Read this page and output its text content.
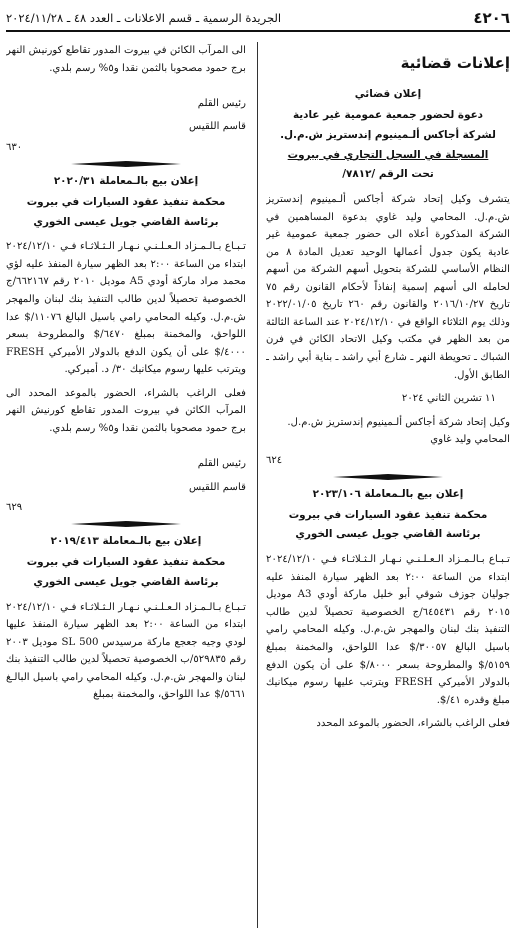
٤٢٠٦
الجريدة الرسمية ـ قسم الاعلانات ـ العدد ٤٨ ـ ٢٠٢٤/١١/٢٨
إعلانات قضائية
إعلان قضائي
دعوة لحضور جمعية عمومية غير عادية
لشركة أجاكس ألـمينيوم إندستريز ش.م.ل.
المسجلة في السجل التجاري في بيروت
تحت الرقم /٧٨١٢/

يتشرف وكيل إتحاد شركة أجاكس ألـمينيوم إندستريز ش.م.ل. المحامي وليد غاوي بدعوة المساهمين في الشركة المذكورة أعلاه الى حضور جمعية عمومية غير عادية يكون جدول أعمالها الوحيد تعديل المادة ٨ من النظام الأساسي للشركة بتحويل أسهم الشركة من أسهم لحامله الى أسهم إسمية إنفاذاً لأحكام القانون رقم ٧٥ تاريخ ٢٠١٦/١٠/٢٧ والقانون رقم ٢٦٠ تاريخ ٢٠٢٢/٠١/٠٥ وذلك يوم الثلاثاء الواقع في ٢٠٢٤/١٢/١٠ عند الساعة الثالثة من بعد الظهر في مكتب وكيل الاتحاد الكائن في فرن الشباك ـ تحويطة النهر ـ شارع أبي راشد ـ بناية أبي راشد ـ الطابق الأول.

١١ تشرين الثاني ٢٠٢٤

وكيل إتحاد شركة أجاكس ألـمينيوم إندستريز ش.م.ل.

المحامي وليد غاوي

٦٢٤
إعلان بيع بالـمعاملة ٢٠٢٣/١٠٦
محكمة تنفيذ عقود السيارات في بيروت
برئاسة القاضي جويل عيسى الخوري

تـبـاع بـالـمـزاد الـعـلـنـي نـهـار الـثـلاثـاء فـي ٢٠٢٤/١٢/١٠ ابتداء من الساعة ٢:٠٠ بعد الظهر سيارة المنفذ عليه جوليان جوزف شوقي أبو خليل ماركة أودي A3 موديل ٢٠١٥ رقم ٦٤٥٤٣١/ج الخصوصية تحصيلاً لدين طالب التنفيذ بنك لبنان والمهجر ش.م.ل. وكيله المحامي رامي باسيل البالغ ٣٠٠٥٧/$ عدا اللواحق، والمخمنة بمبلغ ٥١٥٩/$ والمطروحة بسعر ٨٠٠٠/$ على أن يكون الدفع بالدولار الأميركي FRESH ويترتب عليها رسوم ميكانيك مبلغ وقدره ٤١/$.

فعلى الراغب بالشراء، الحضور بالموعد المحدد

الى المرآب الكائن في بيروت المدور تقاطع كورنيش النهر برج حمود مصحوبا بالثمن نقدا و٥% رسم بلدي.

رئيس القلم

قاسم اللقيس

٦٣٠
إعلان بيع بالـمعاملة ٢٠٢٠/٣١
محكمة تنفيذ عقود السيارات في بيروت
برئاسة القاضي جويل عيسى الخوري

تـبـاع بـالـمـزاد الـعـلـنـي نـهـار الـثـلاثـاء فـي ٢٠٢٤/١٢/١٠ ابتداء من الساعة ٢:٠٠ بعد الظهر سيارة المنفذ عليه لؤي محمد مراد ماركة أودي A5 موديل ٢٠١٠ رقم ٦٦٢١٦٧/ج الخصوصية تحصيلاً لدين طالب التنفيذ بنك لبنان والمهجر ش.م.ل. وكيله المحامي رامي باسيل البالغ ١١٠٧٦/$ عدا اللواحق، والمخمنة بمبلغ ٦٤٧٠/$ والمطروحة بسعر ٤٠٠٠/$ على أن يكون الدفع بالدولار الأميركي FRESH ويترتب عليها رسوم ميكانيك ٣٠/ د. أميركي.

فعلى الراغب بالشراء، الحضور بالموعد المحدد الى المرآب الكائن في بيروت المدور تقاطع كورنيش النهر برج حمود مصحوبا بالثمن نقدا و٥% رسم بلدي.

رئيس القلم

قاسم اللقيس

٦٢٩
إعلان بيع بالـمعاملة ٢٠١٩/٤١٣
محكمة تنفيذ عقود السيارات في بيروت
برئاسة القاضي جويل عيسى الخوري

تـبـاع بـالـمـزاد الـعـلـنـي نـهـار الـثـلاثـاء فـي ٢٠٢٤/١٢/١٠ ابتداء من الساعة ٢:٠٠ بعد الظهر سيارة المنفذ عليها لودي وجيه جعجع ماركة مرسيدس SL 500 موديل ٢٠٠٣ رقم ٥٢٩٨٣٥/ب الخصوصية تحصيلاً لدين طالب التنفيذ بنك لبنان والمهجر ش.م.ل. وكيله المحامي رامي باسيل البالـغ ٥٦٦١/$ عدا اللواحق، والمخمنة بمبلغ
